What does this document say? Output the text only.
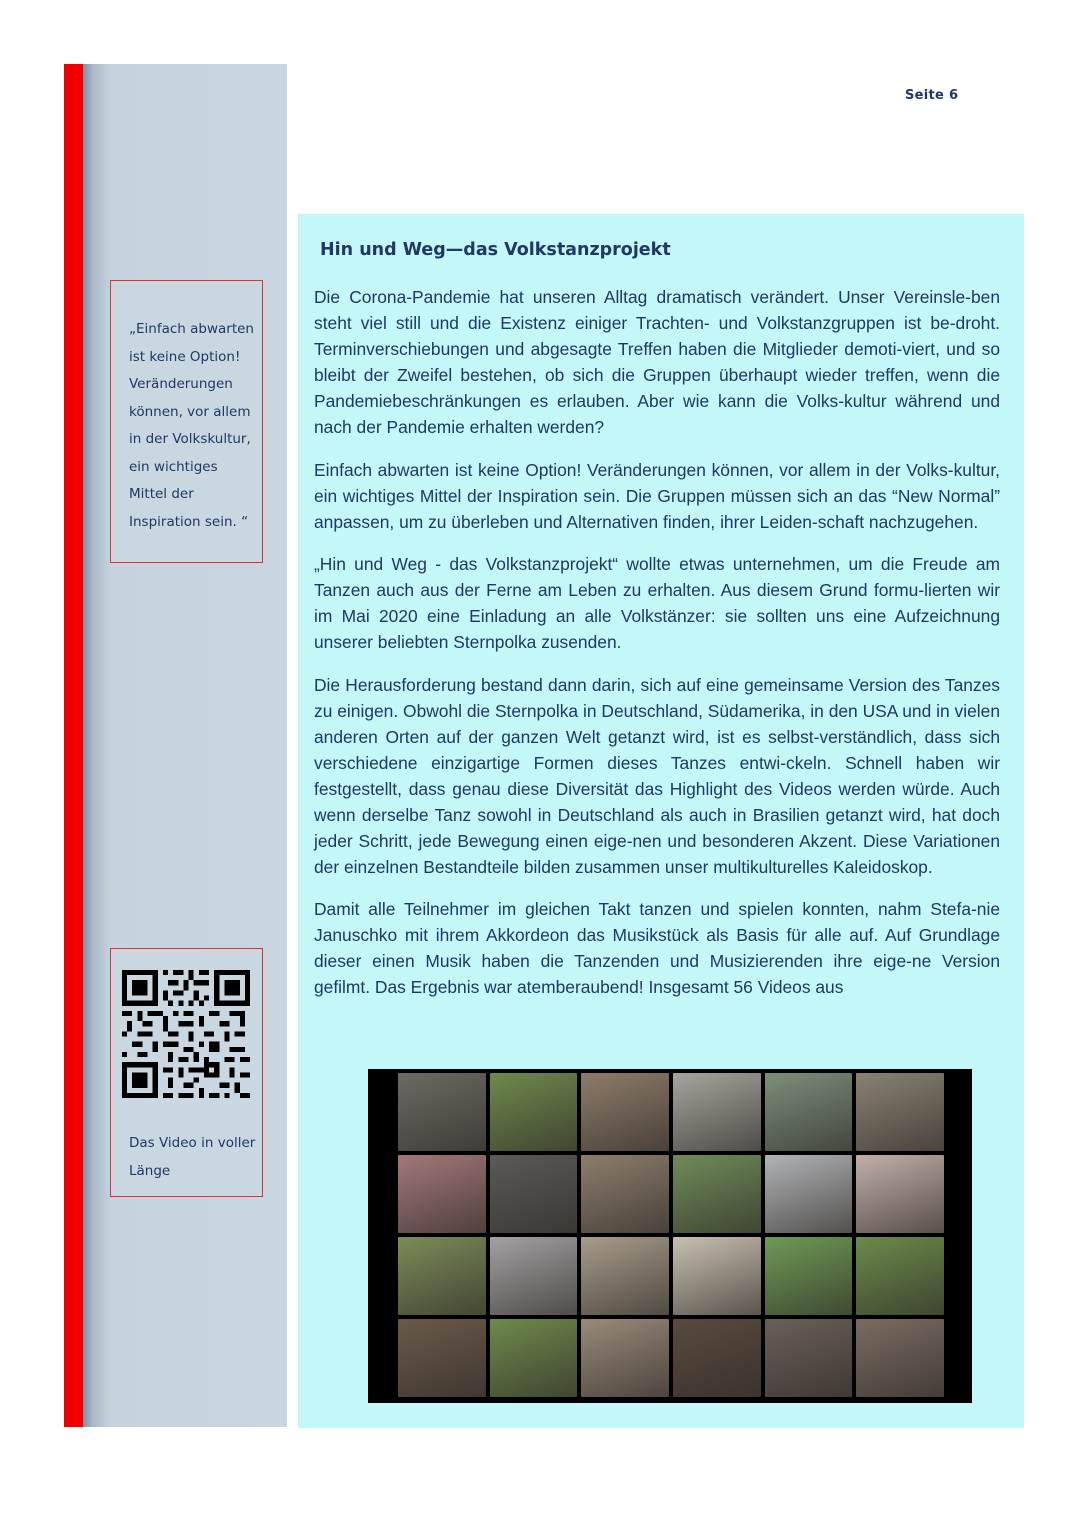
Seite 6
„Einfach abwarten
ist keine Option!
Veränderungen
können, vor allem
in der Volkskultur,
ein wichtiges
Mittel der
Inspiration sein. “
Das Video in voller
Länge
Hin und Weg—das Volkstanzprojekt

Die Corona-Pandemie hat unseren Alltag dramatisch verändert. Unser Vereinsle-ben steht viel still und die Existenz einiger Trachten- und Volkstanzgruppen ist be-droht. Terminverschiebungen und abgesagte Treffen haben die Mitglieder demoti-viert, und so bleibt der Zweifel bestehen, ob sich die Gruppen überhaupt wieder treffen, wenn die Pandemiebeschränkungen es erlauben. Aber wie kann die Volks-kultur während und nach der Pandemie erhalten werden?

Einfach abwarten ist keine Option! Veränderungen können, vor allem in der Volks-kultur, ein wichtiges Mittel der Inspiration sein. Die Gruppen müssen sich an das “New Normal” anpassen, um zu überleben und Alternativen finden, ihrer Leiden-schaft nachzugehen.

„Hin und Weg - das Volkstanzprojekt“ wollte etwas unternehmen, um die Freude am Tanzen auch aus der Ferne am Leben zu erhalten. Aus diesem Grund formu-lierten wir im Mai 2020 eine Einladung an alle Volkstänzer: sie sollten uns eine Aufzeichnung unserer beliebten Sternpolka zusenden.

Die Herausforderung bestand dann darin, sich auf eine gemeinsame Version des Tanzes zu einigen. Obwohl die Sternpolka in Deutschland, Südamerika, in den USA und in vielen anderen Orten auf der ganzen Welt getanzt wird, ist es selbst-verständlich, dass sich verschiedene einzigartige Formen dieses Tanzes entwi-ckeln. Schnell haben wir festgestellt, dass genau diese Diversität das Highlight des Videos werden würde. Auch wenn derselbe Tanz sowohl in Deutschland als auch in Brasilien getanzt wird, hat doch jeder Schritt, jede Bewegung einen eige-nen und besonderen Akzent. Diese Variationen der einzelnen Bestandteile bilden zusammen unser multikulturelles Kaleidoskop.

Damit alle Teilnehmer im gleichen Takt tanzen und spielen konnten, nahm Stefa-nie Januschko mit ihrem Akkordeon das Musikstück als Basis für alle auf. Auf Grundlage dieser einen Musik haben die Tanzenden und Musizierenden ihre eige-ne Version gefilmt. Das Ergebnis war atemberaubend! Insgesamt 56 Videos aus
